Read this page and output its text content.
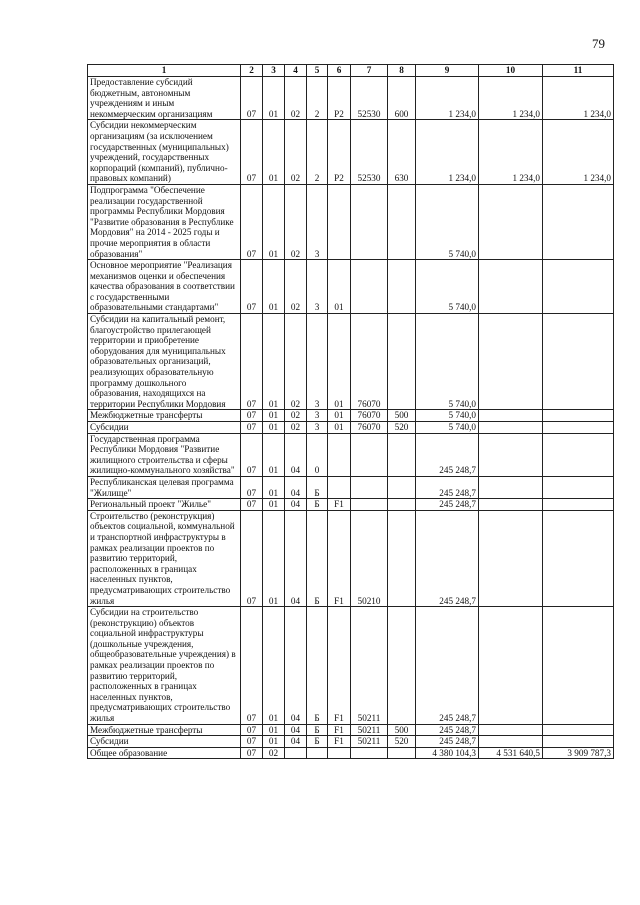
79
1	2	3	4	5	6	7	8	9	10	11
Предоставление субсидий бюджетным, автономным учреждениям и иным некоммерческим организациям	07	01	02	2	Р2	52530	600	1 234,0	1 234,0	1 234,0
Субсидии некоммерческим организациям (за исключением государственных (муниципальных) учреждений, государственных корпораций (компаний), публично-правовых компаний)	07	01	02	2	Р2	52530	630	1 234,0	1 234,0	1 234,0
Подпрограмма "Обеспечение реализации государственной программы Республики Мордовия "Развитие образования в Республике Мордовия" на 2014 - 2025 годы и прочие мероприятия в области образования"	07	01	02	3				5 740,0		
Основное мероприятие "Реализация механизмов оценки и обеспечения качества образования в соответствии с государственными образовательными стандартами"	07	01	02	3	01			5 740,0		
Субсидии на капитальный ремонт, благоустройство прилегающей территории и приобретение оборудования для муниципальных образовательных организаций, реализующих образовательную программу дошкольного образования, находящихся на территории Республики Мордовия	07	01	02	3	01	76070		5 740,0		
Межбюджетные трансферты	07	01	02	3	01	76070	500	5 740,0		
Субсидии	07	01	02	3	01	76070	520	5 740,0		
Государственная программа Республики Мордовия "Развитие жилищного строительства и сферы жилищно-коммунального хозяйства"	07	01	04	0				245 248,7		
Республиканская целевая программа "Жилище"	07	01	04	Б				245 248,7		
Региональный проект "Жилье"	07	01	04	Б	F1			245 248,7		
Строительство (реконструкция) объектов социальной, коммунальной и транспортной инфраструктуры в рамках реализации проектов по развитию территорий, расположенных в границах населенных пунктов, предусматривающих строительство жилья	07	01	04	Б	F1	50210		245 248,7		
Субсидии на строительство (реконструкцию) объектов социальной инфраструктуры (дошкольные учреждения, общеобразовательные учреждения) в рамках реализации проектов по развитию территорий, расположенных в границах населенных пунктов, предусматривающих строительство жилья	07	01	04	Б	F1	50211		245 248,7		
Межбюджетные трансферты	07	01	04	Б	F1	50211	500	245 248,7		
Субсидии	07	01	04	Б	F1	50211	520	245 248,7		
Общее образование	07	02						4 380 104,3	4 531 640,5	3 909 787,3
